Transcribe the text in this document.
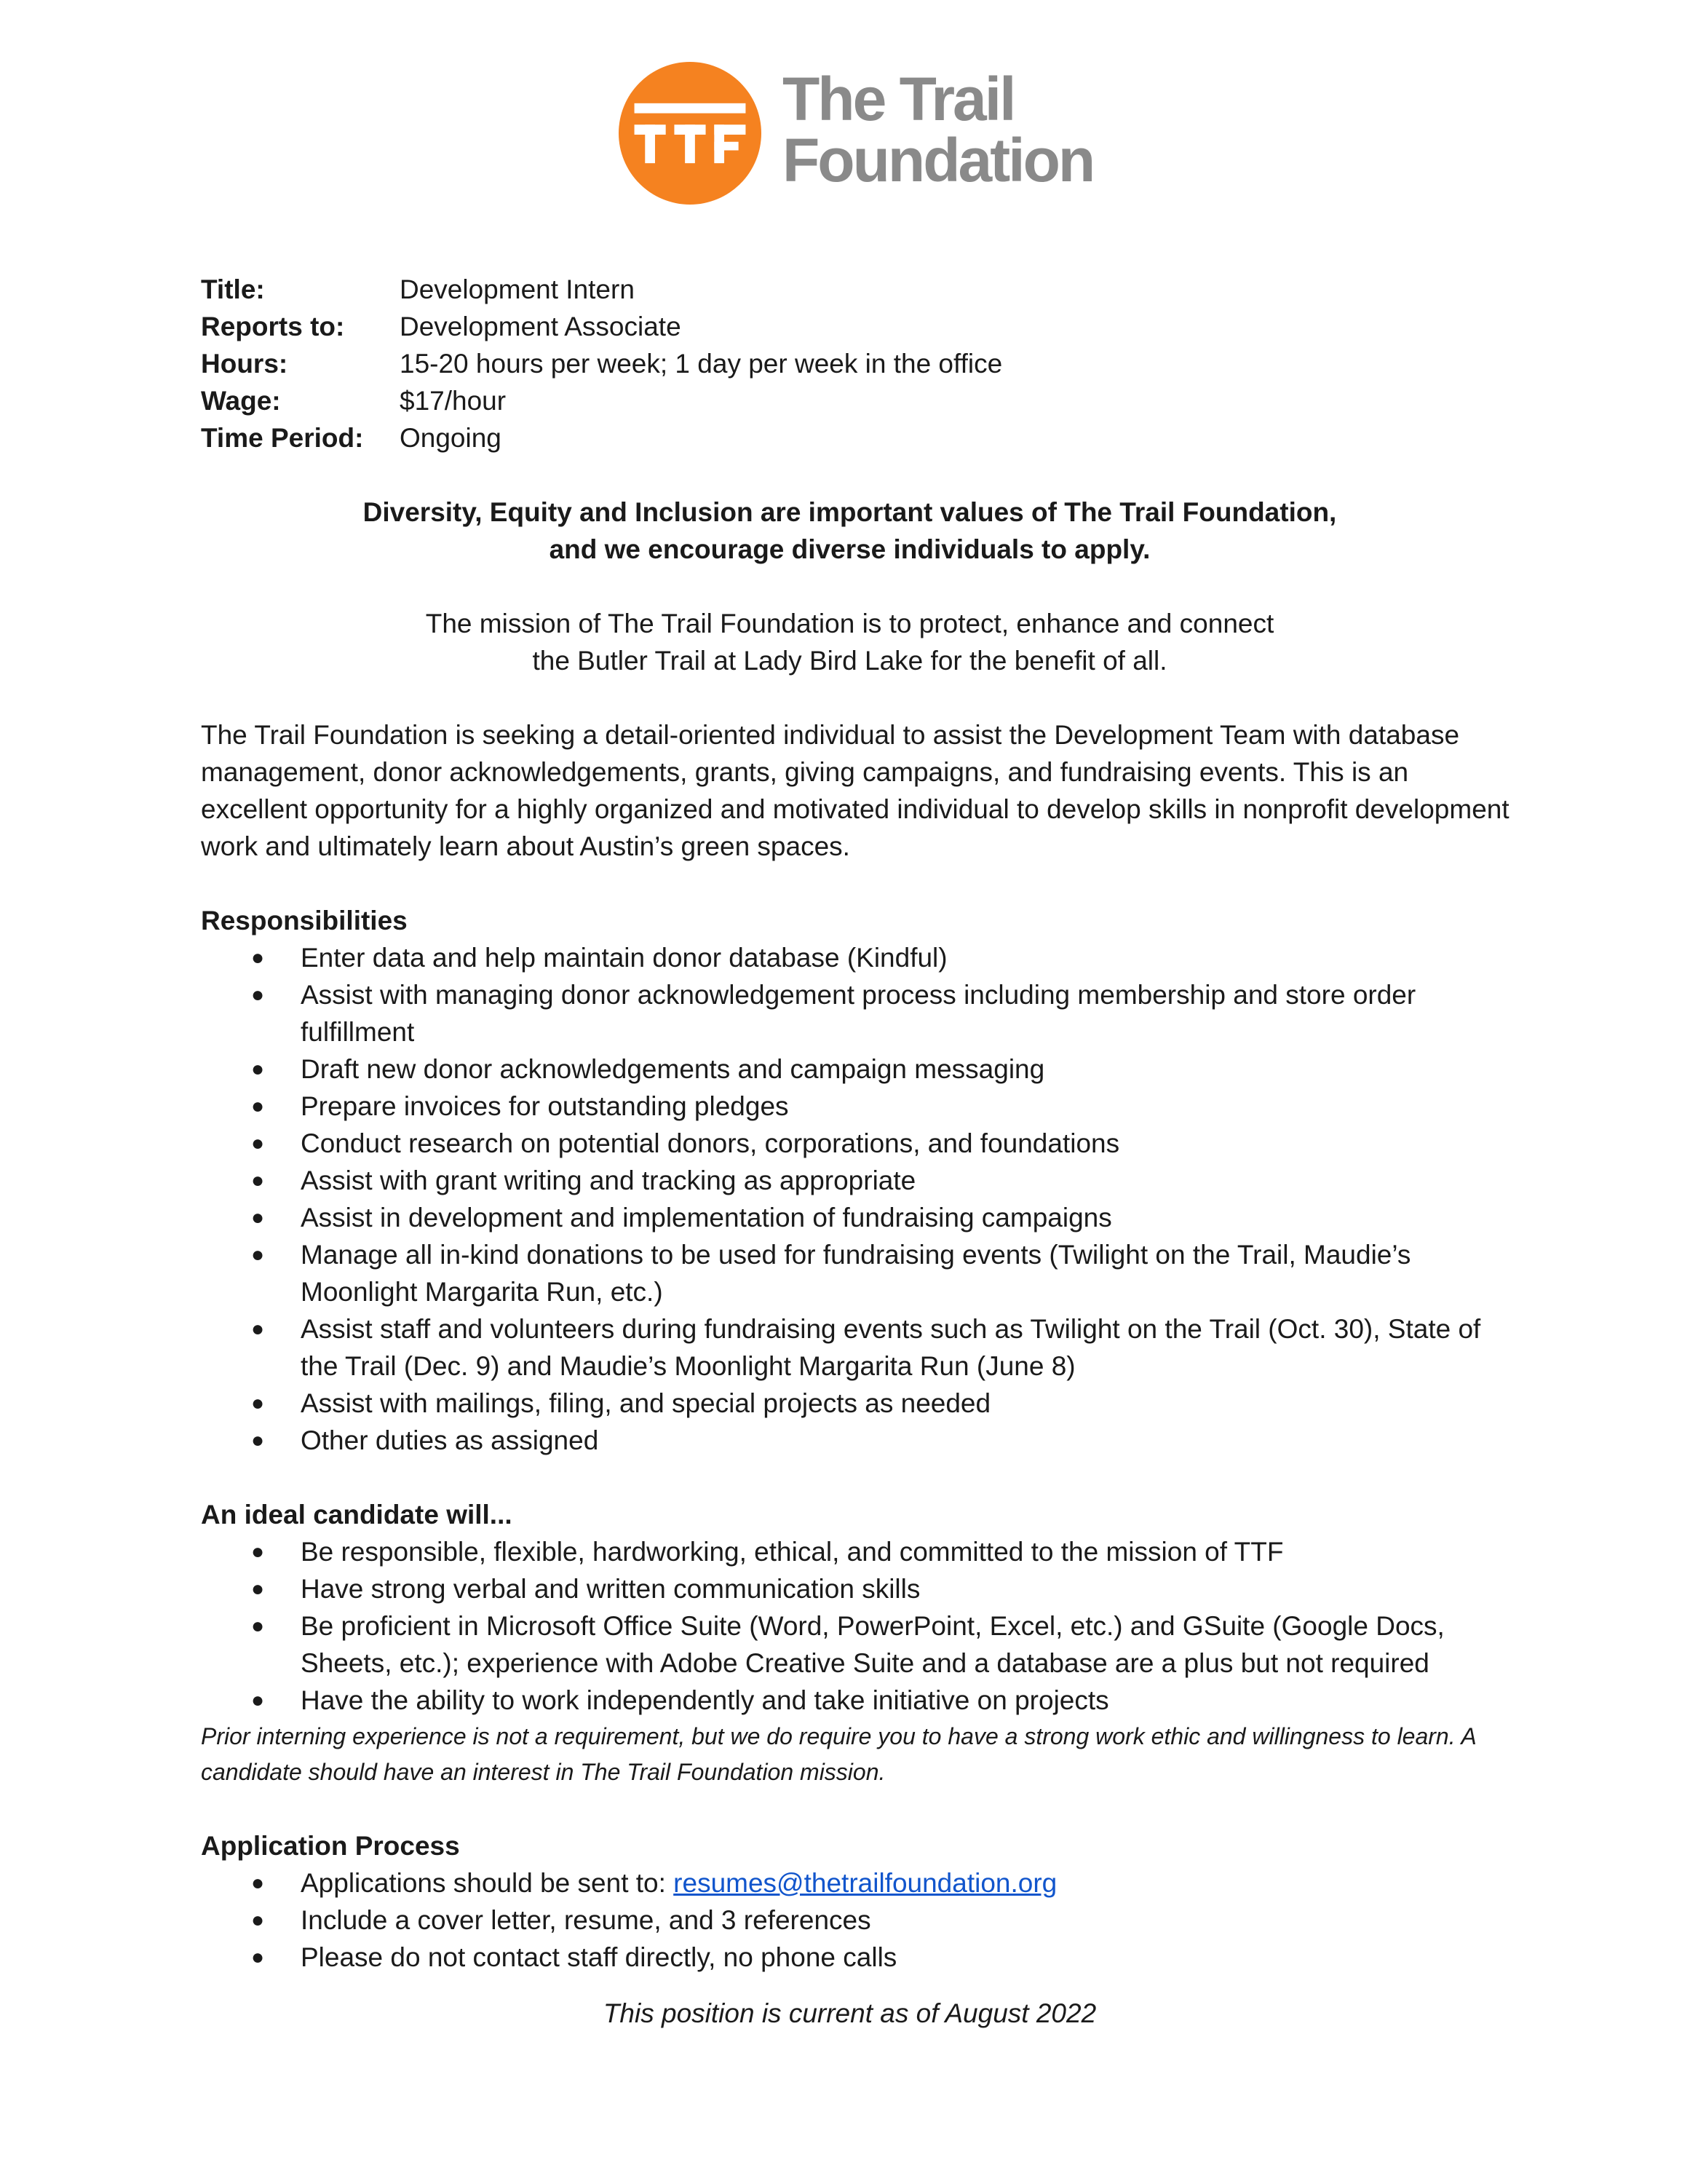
The Trail
Foundation
Title:	Development Intern
Reports to:	Development Associate
Hours:	15-20 hours per week; 1 day per week in the office
Wage:	$17/hour
Time Period:	Ongoing
Diversity, Equity and Inclusion are important values of The Trail Foundation,
and we encourage diverse individuals to apply.
The mission of The Trail Foundation is to protect, enhance and connect
the Butler Trail at Lady Bird Lake for the benefit of all.

The Trail Foundation is seeking a detail-oriented individual to assist the Development Team with database management, donor acknowledgements, grants, giving campaigns, and fundraising events. This is an excellent opportunity for a highly organized and motivated individual to develop skills in nonprofit development work and ultimately learn about Austin’s green spaces.

Responsibilities

● Enter data and help maintain donor database (Kindful)
● Assist with managing donor acknowledgement process including membership and store order fulfillment
● Draft new donor acknowledgements and campaign messaging
● Prepare invoices for outstanding pledges
● Conduct research on potential donors, corporations, and foundations
● Assist with grant writing and tracking as appropriate
● Assist in development and implementation of fundraising campaigns
● Manage all in-kind donations to be used for fundraising events (Twilight on the Trail, Maudie’s Moonlight Margarita Run, etc.)
● Assist staff and volunteers during fundraising events such as Twilight on the Trail (Oct. 30), State of the Trail (Dec. 9) and Maudie’s Moonlight Margarita Run (June 8)
● Assist with mailings, filing, and special projects as needed
● Other duties as assigned

An ideal candidate will...

● Be responsible, flexible, hardworking, ethical, and committed to the mission of TTF
● Have strong verbal and written communication skills
● Be proficient in Microsoft Office Suite (Word, PowerPoint, Excel, etc.) and GSuite (Google Docs, Sheets, etc.); experience with Adobe Creative Suite and a database are a plus but not required
● Have the ability to work independently and take initiative on projects

Prior interning experience is not a requirement, but we do require you to have a strong work ethic and willingness to learn. A candidate should have an interest in The Trail Foundation mission.

Application Process

● Applications should be sent to: resumes@thetrailfoundation.org
● Include a cover letter, resume, and 3 references
● Please do not contact staff directly, no phone calls

This position is current as of August 2022
